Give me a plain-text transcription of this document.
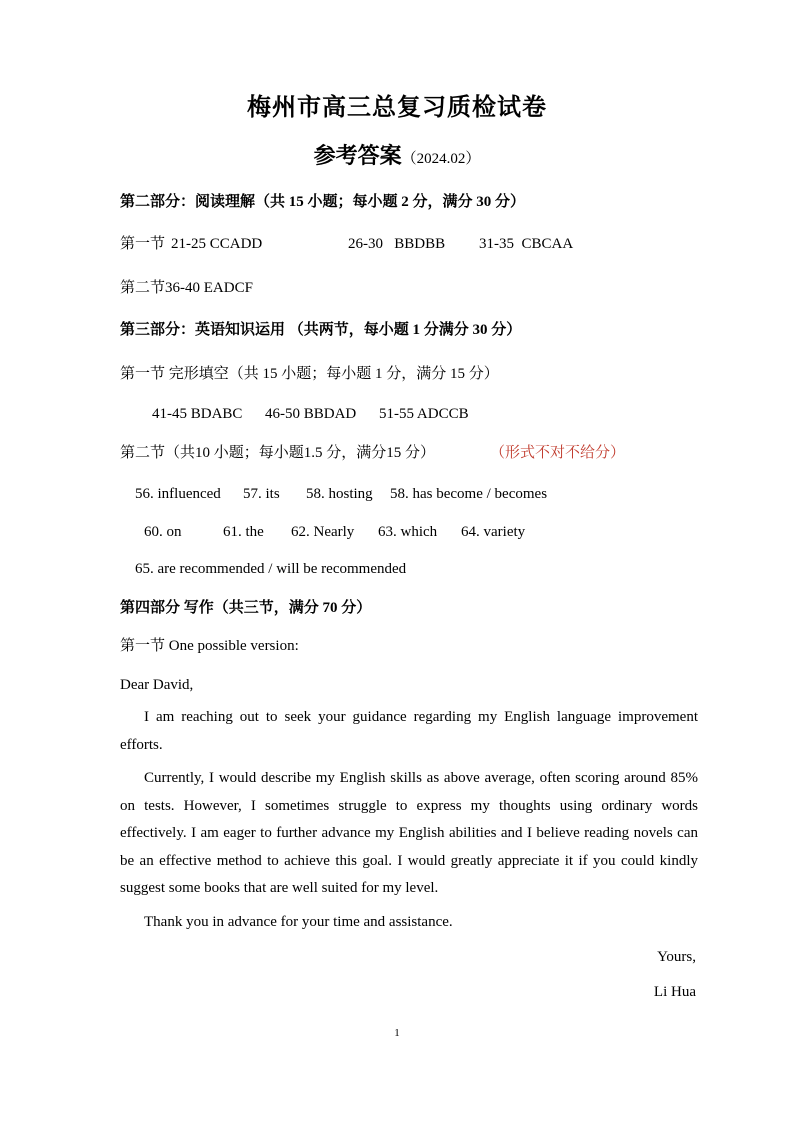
梅州市高三总复习质检试卷
参考答案（2024.02）
第二部分：阅读理解（共 15 小题；每小题 2 分，满分 30 分）
第一节 21-25 CCADD	26-30   BBDBB 31-35  CBCAA
第二节36-40 EADCF
第三部分：英语知识运用 （共两节，每小题 1 分满分 30 分）
第一节 完形填空（共 15 小题；每小题 1 分，满分 15 分）
41-45 BDABC 46-50 BBDAD 51-55 ADCCB
第二节（共10 小题；每小题1.5 分，满分15 分）	（形式不对不给分）
56. influenced 57. its 58. hosting 58. has become / becomes
60. on	61. the 62. Nearly 63. which 64. variety
65. are recommended / will be recommended
第四部分 写作（共三节，满分 70 分）
第一节 One possible version:
Dear David,
I am reaching out to seek your guidance regarding my English language improvement efforts.
Currently, I would describe my English skills as above average, often scoring around 85% on tests. However, I sometimes struggle to express my thoughts using ordinary words effectively. I am eager to further advance my English abilities and I believe reading novels can be an effective method to achieve this goal. I would greatly appreciate it if you could kindly suggest some books that are well suited for my level.
Thank you in advance for your time and assistance.
Yours,
Li Hua
1
